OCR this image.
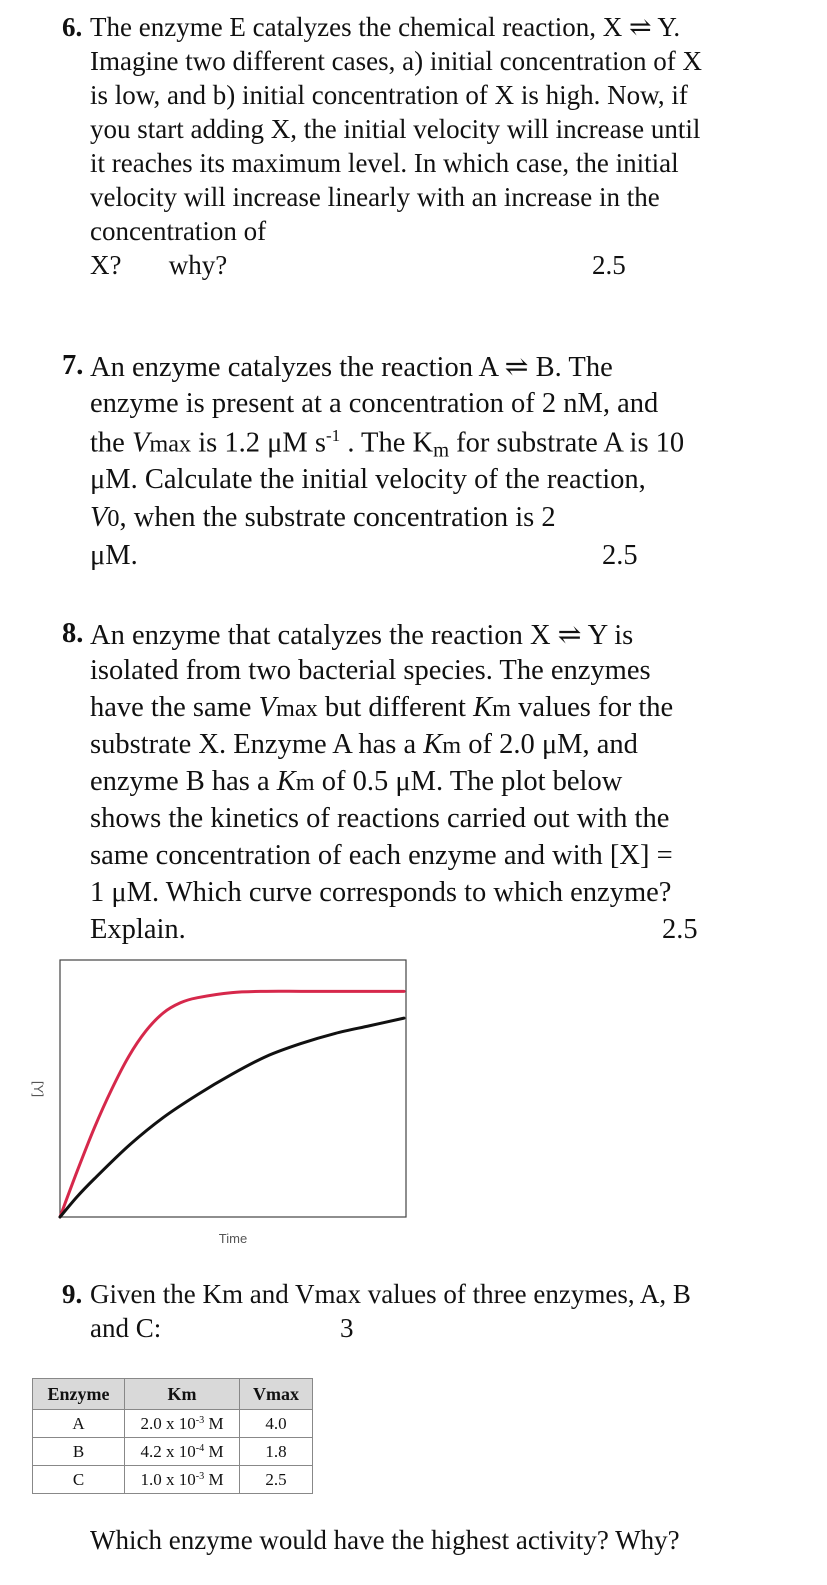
6. The enzyme E catalyzes the chemical reaction, X ⇌ Y.
Imagine two different cases, a) initial concentration of X
is low, and b) initial concentration of X is high. Now, if
you start adding X, the initial velocity will increase until
it reaches its maximum level. In which case, the initial
velocity will increase linearly with an increase in the
concentration of
X?       why?	2.5
7. An enzyme catalyzes the reaction A ⇌ B. The
enzyme is present at a concentration of 2 nM, and
the Vmax is 1.2 μM $s^{-1}$ . The $K_m$ for substrate A is 10
μM. Calculate the initial velocity of the reaction,
V0, when the substrate concentration is 2
μM.	2.5
8. An enzyme that catalyzes the reaction X ⇌ Y is
isolated from two bacterial species. The enzymes
have the same Vmax but different Km values for the
substrate X. Enzyme A has a Km of 2.0 μM, and
enzyme B has a Km of 0.5 μM. The plot below
shows the kinetics of reactions carried out with the
same concentration of each enzyme and with [X] =
1 μM. Which curve corresponds to which enzyme?
Explain.	2.5
[Y]
Time
9. Given the Km and Vmax values of three enzymes, A, B
and C:	3
Enzyme	Km	Vmax
A	2.0 x $10^{-3}$ M	4.0
B	4.2 x $10^{-4}$ M	1.8
C	1.0 x $10^{-3}$ M	2.5
Which enzyme would have the highest activity? Why?
